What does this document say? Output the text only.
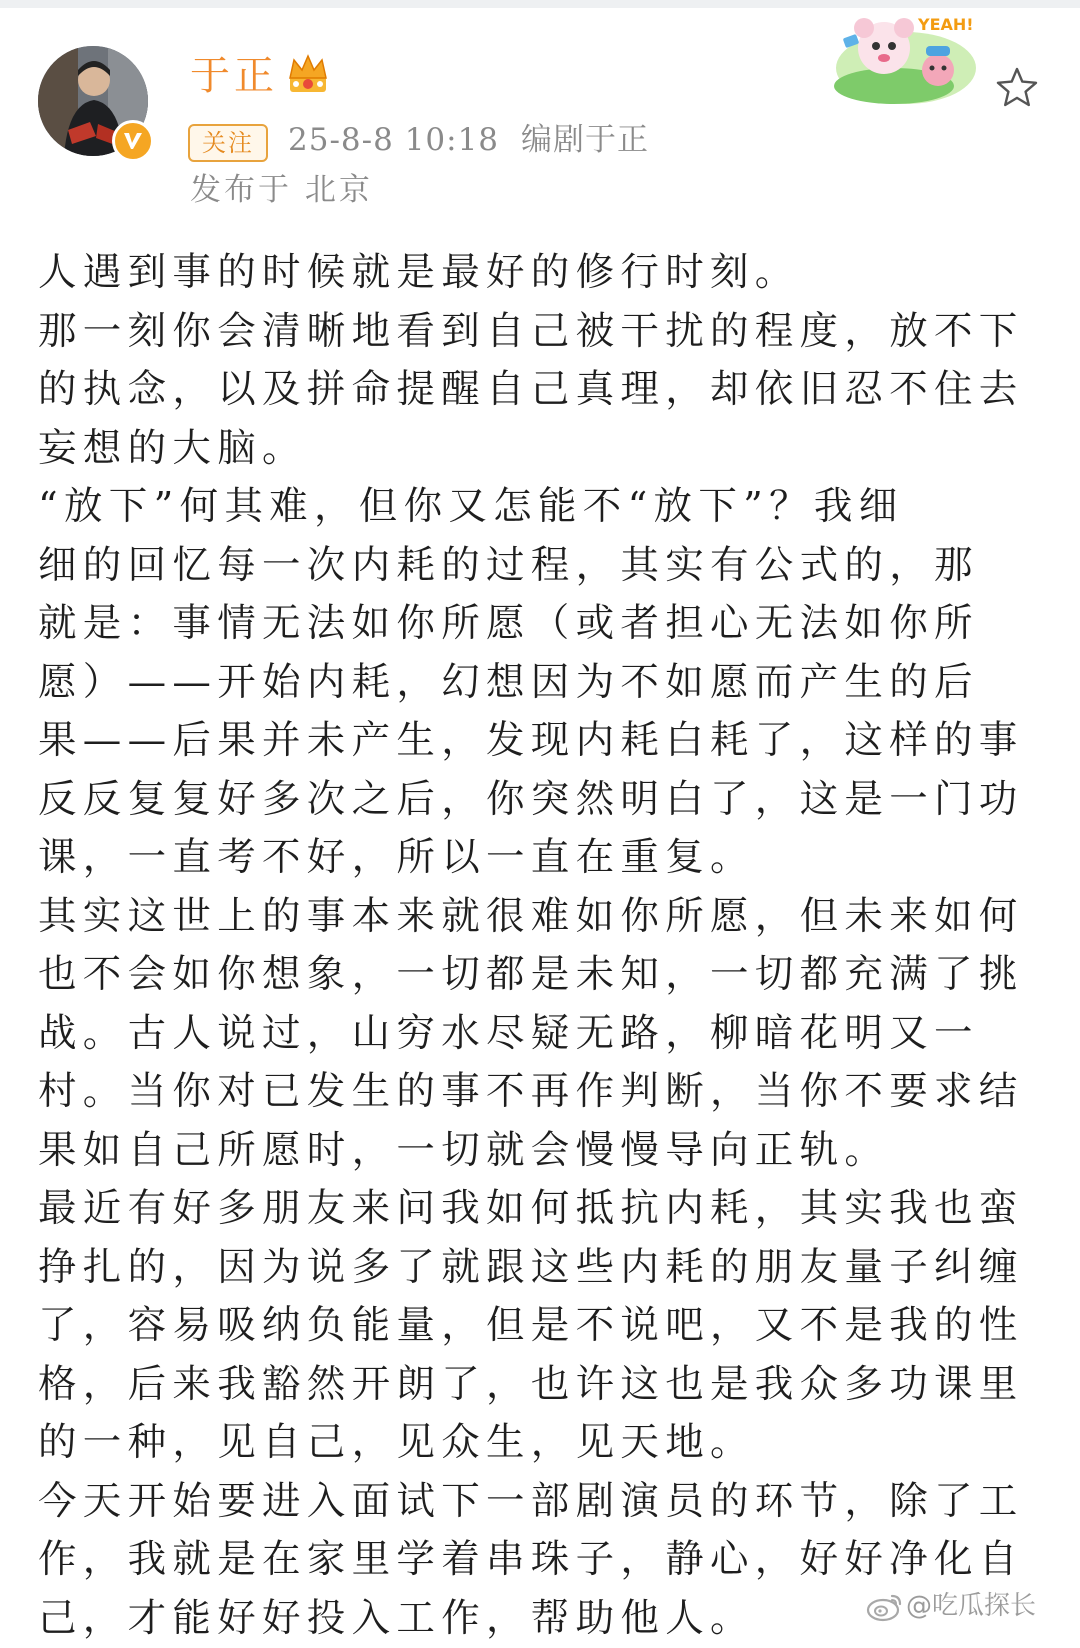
于正
关注	25-8-8 10:18 编剧于正
发布于 北京
YEAH!

人遇到事的时候就是最好的修行时刻。

那一刻你会清晰地看到自己被干扰的程度，放不下的执念，以及拼命提醒自己真理，却依旧忍不住去妄想的大脑。

“放下”何其难，但你又怎能不“放下”？我细
细的回忆每一次内耗的过程，其实有公式的，那
就是：事情无法如你所愿（或者担心无法如你所
愿）——开始内耗，幻想因为不如愿而产生的后
果——后果并未产生，发现内耗白耗了，这样的事
反反复复好多次之后，你突然明白了，这是一门功
课，一直考不好，所以一直在重复。

其实这世上的事本来就很难如你所愿，但未来如何
也不会如你想象，一切都是未知，一切都充满了挑
战。古人说过，山穷水尽疑无路，柳暗花明又一
村。当你对已发生的事不再作判断，当你不要求结
果如自己所愿时，一切就会慢慢导向正轨。

最近有好多朋友来问我如何抵抗内耗，其实我也蛮
挣扎的，因为说多了就跟这些内耗的朋友量子纠缠
了，容易吸纳负能量，但是不说吧，又不是我的性
格，后来我豁然开朗了，也许这也是我众多功课里
的一种，见自己，见众生，见天地。

今天开始要进入面试下一部剧演员的环节，除了工
作，我就是在家里学着串珠子，静心，好好净化自
己，才能好好投入工作，帮助他人。	@吃瓜探长
